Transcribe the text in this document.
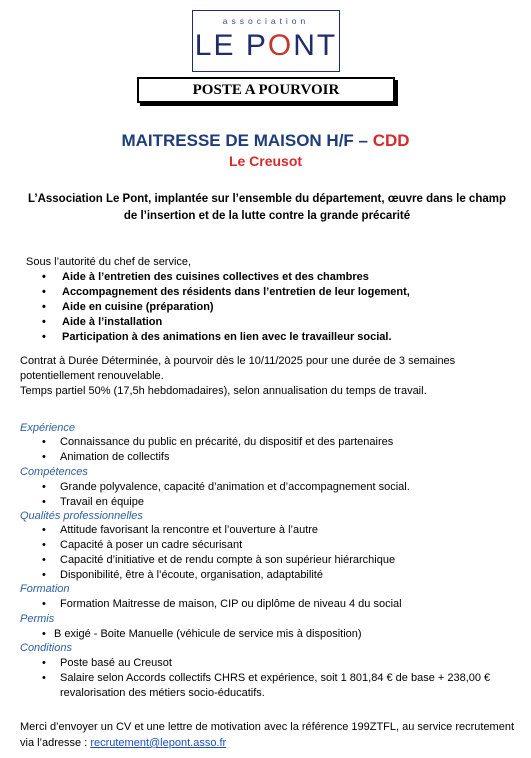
association
LE PONT
POSTE A POURVOIR
MAITRESSE DE MAISON H/F – CDD
Le Creusot
L’Association Le Pont, implantée sur l’ensemble du département, œuvre dans le champ de l’insertion et de la lutte contre la grande précarité
Sous l’autorité du chef de service,
• Aide à l’entretien des cuisines collectives et des chambres
• Accompagnement des résidents dans l’entretien de leur logement,
• Aide en cuisine (préparation)
• Aide à l’installation
• Participation à des animations en lien avec le travailleur social.
Contrat à Durée Déterminée, à pourvoir dès le 10/11/2025 pour une durée de 3 semaines
potentiellement renouvelable.
Temps partiel 50% (17,5h hebdomadaires), selon annualisation du temps de travail.
Expérience
• Connaissance du public en précarité, du dispositif et des partenaires
• Animation de collectifs
Compétences
• Grande polyvalence, capacité d’animation et d’accompagnement social.
• Travail en équipe
Qualités professionnelles
• Attitude favorisant la rencontre et l’ouverture à l’autre
• Capacité à poser un cadre sécurisant
• Capacité d’initiative et de rendu compte à son supérieur hiérarchique
• Disponibilité, être à l’écoute, organisation, adaptabilité
Formation
• Formation Maitresse de maison, CIP ou diplôme de niveau 4 du social
Permis
• B exigé - Boite Manuelle (véhicule de service mis à disposition)
Conditions
• Poste basé au Creusot
• Salaire selon Accords collectifs CHRS et expérience, soit 1 801,84 € de base + 238,00 €
revalorisation des métiers socio-éducatifs.
Merci d’envoyer un CV et une lettre de motivation avec la référence 199ZTFL, au service recrutement
via l’adresse : recrutement@lepont.asso.fr
